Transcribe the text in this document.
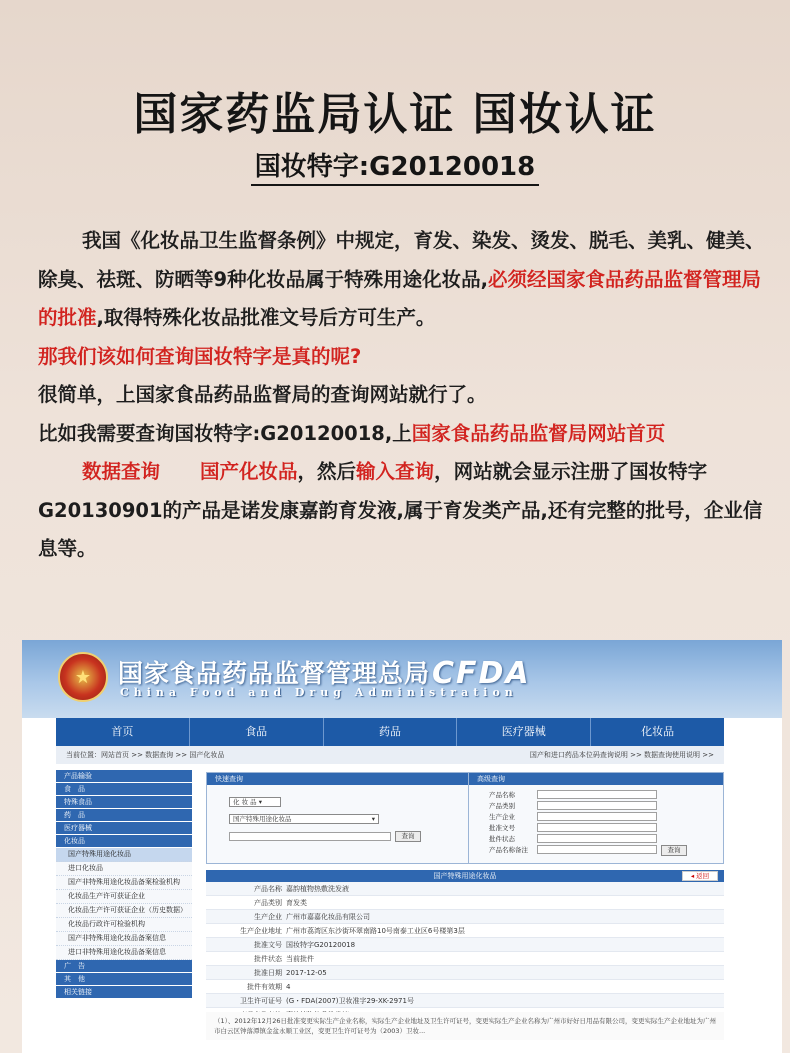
国家药监局认证 国妆认证
国妆特字:G20120018
我国《化妆品卫生监督条例》中规定，育发、染发、烫发、脱毛、美乳、健美、除臭、祛斑、防晒等9种化妆品属于特殊用途化妆品,必须经国家食品药品监督管理局的批准,取得特殊化妆品批准文号后方可生产。
那我们该如何查询国妆特字是真的呢?
很简单，上国家食品药品监督局的查询网站就行了。
比如我需要查询国妆特字:G20120018,上国家食品药品监督局网站首页
数据查询 国产化妆品，然后输入查询，网站就会显示注册了国妆特字G20130901的产品是诺发康嘉韵育发液,属于育发类产品,还有完整的批号，企业信息等。
★	国家食品药品监督管理总局
China Food and Drug Administration
CFDA
首页	食品	药品	医疗器械	化妆品
当前位置：网站首页 >> 数据查询 >> 国产化妆品	国产和进口药品本位码查询说明 >> 数据查询使用说明 >>
产品输验
食　品
特殊食品
药　品
医疗器械
化妆品
国产特殊用途化妆品
进口化妆品
国产非特殊用途化妆品备案检验机构
化妆品生产许可获证企业
化妆品生产许可获证企业（历史数据）
化妆品行政许可检验机构
国产非特殊用途化妆品备案信息
进口非特殊用途化妆品备案信息
广　告
其　他
相关链接
快速查询
化 妆 品 ▾
国产特殊用途化妆品	▾
查询
高级查询
产品名称
产品类别
生产企业
批准文号
批件状态
产品名称备注	查询
国产特殊用途化妆品	◂ 返回
产品名称 嘉韵植物热敷洗发液
产品类别 育发类
生产企业 广州市嘉嘉化妆品有限公司
生产企业地址 广州市荔湾区东沙街环翠南路10号南泰工业区6号楼第3层
批准文号 国妆特字G20120018
批件状态 当前批件
批准日期 2017-12-05
批件有效期 4
卫生许可证号 (G・FDA(2007)卫妆准字29-XK-2971号
（1）、2012年12月26日批准变更实际生产企业名称，实际生产企业地址及卫生许可证号，变更实际生产企业名称为广州市好好日用品有限公司，变更实际生产企业地址为广州市白云区钟落潭镇金盆永顺工业区，变更卫生许可证号为（2003）卫妆...
